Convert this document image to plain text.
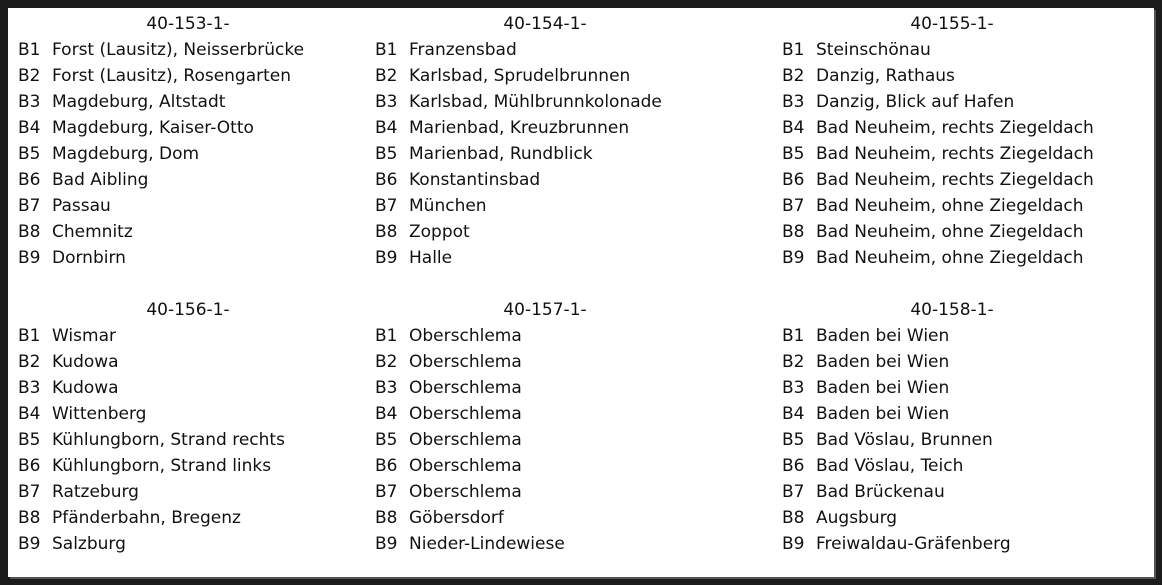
40-153-1-
B1 Forst (Lausitz), Neisserbrücke
B2 Forst (Lausitz), Rosengarten
B3 Magdeburg, Altstadt
B4 Magdeburg, Kaiser-Otto
B5 Magdeburg, Dom
B6 Bad Aibling
B7 Passau
B8 Chemnitz
B9 Dornbirn
40-154-1-
B1 Franzensbad
B2 Karlsbad, Sprudelbrunnen
B3 Karlsbad, Mühlbrunnkolonade
B4 Marienbad, Kreuzbrunnen
B5 Marienbad, Rundblick
B6 Konstantinsbad
B7 München
B8 Zoppot
B9 Halle
40-155-1-
B1 Steinschönau
B2 Danzig, Rathaus
B3 Danzig, Blick auf Hafen
B4 Bad Neuheim, rechts Ziegeldach
B5 Bad Neuheim, rechts Ziegeldach
B6 Bad Neuheim, rechts Ziegeldach
B7 Bad Neuheim, ohne Ziegeldach
B8 Bad Neuheim, ohne Ziegeldach
B9 Bad Neuheim, ohne Ziegeldach
40-156-1-
B1 Wismar
B2 Kudowa
B3 Kudowa
B4 Wittenberg
B5 Kühlungborn, Strand rechts
B6 Kühlungborn, Strand links
B7 Ratzeburg
B8 Pfänderbahn, Bregenz
B9 Salzburg
40-157-1-
B1 Oberschlema
B2 Oberschlema
B3 Oberschlema
B4 Oberschlema
B5 Oberschlema
B6 Oberschlema
B7 Oberschlema
B8 Göbersdorf
B9 Nieder-Lindewiese
40-158-1-
B1 Baden bei Wien
B2 Baden bei Wien
B3 Baden bei Wien
B4 Baden bei Wien
B5 Bad Vöslau, Brunnen
B6 Bad Vöslau, Teich
B7 Bad Brückenau
B8 Augsburg
B9 Freiwaldau-Gräfenberg
